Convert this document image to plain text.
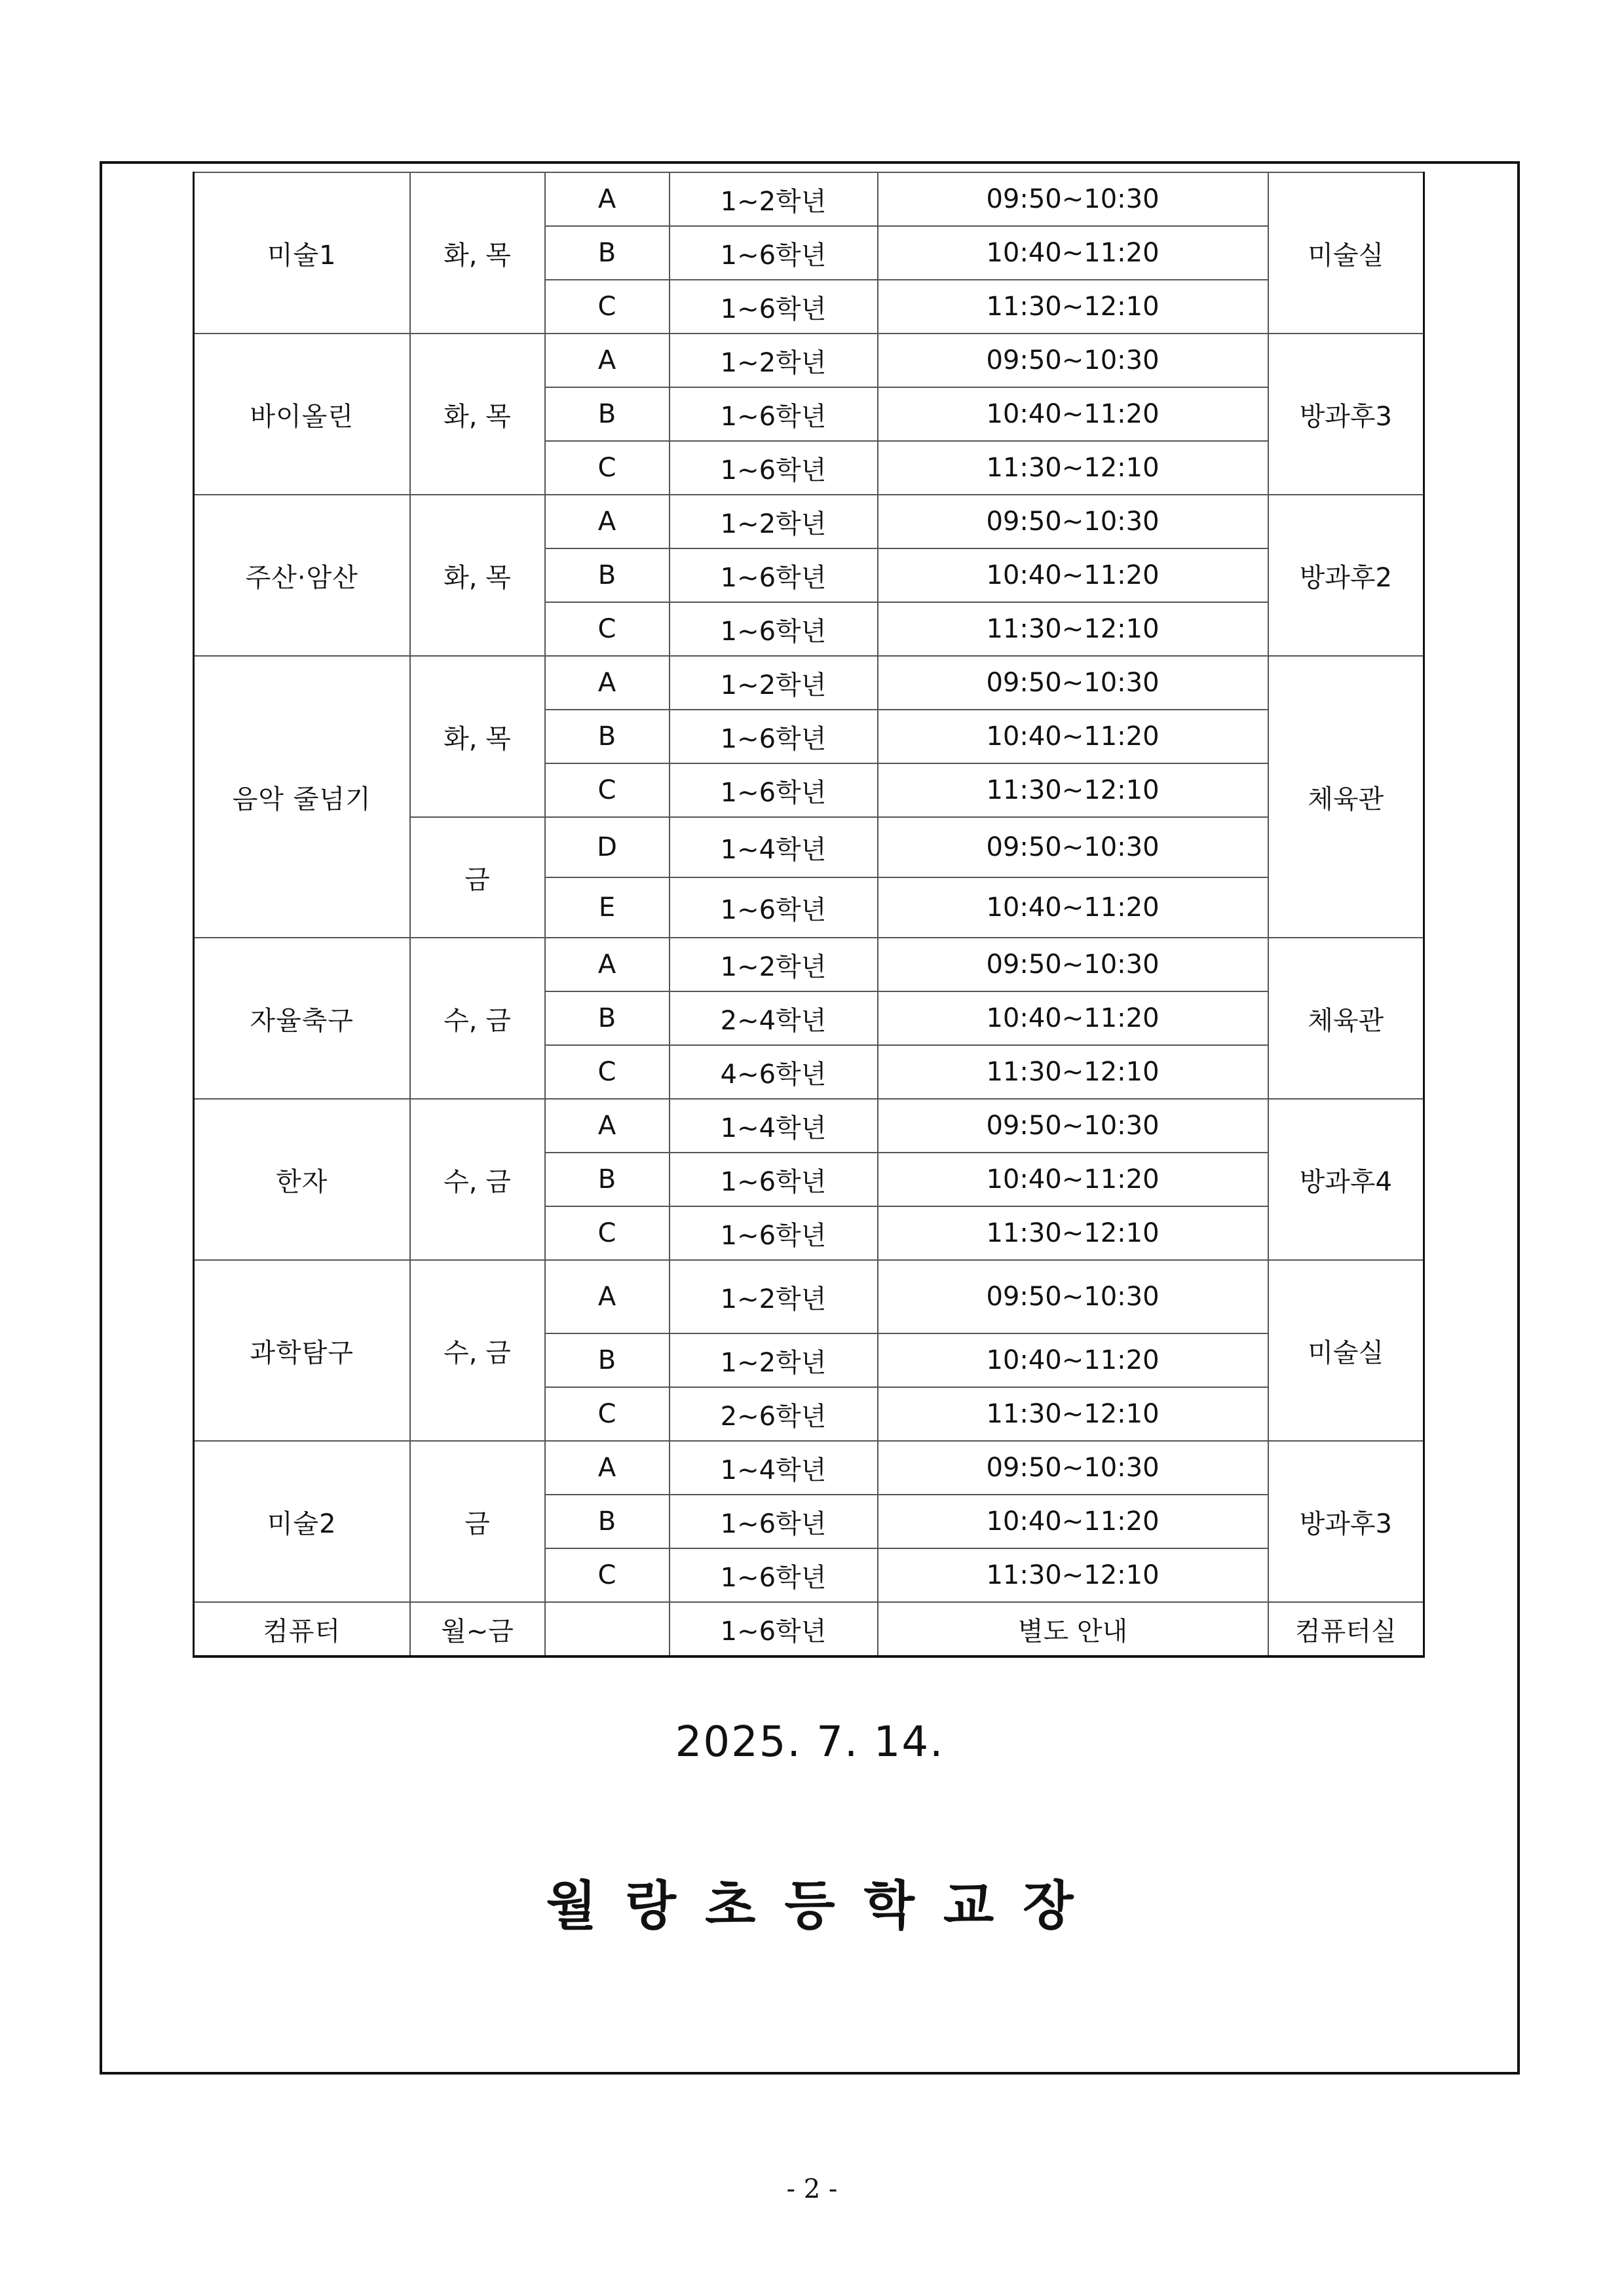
미술1	화, 목	A	1~2학년	09:50~10:30	미술실
		B	1~6학년	10:40~11:20	
		C	1~6학년	11:30~12:10	
바이올린	화, 목	A	1~2학년	09:50~10:30	방과후3
		B	1~6학년	10:40~11:20	
		C	1~6학년	11:30~12:10	
주산·암산	화, 목	A	1~2학년	09:50~10:30	방과후2
		B	1~6학년	10:40~11:20	
		C	1~6학년	11:30~12:10	
음악 줄넘기	화, 목	A	1~2학년	09:50~10:30	체육관
		B	1~6학년	10:40~11:20	
		C	1~6학년	11:30~12:10	
	금	D	1~4학년	09:50~10:30	
		E	1~6학년	10:40~11:20	
자율축구	수, 금	A	1~2학년	09:50~10:30	체육관
		B	2~4학년	10:40~11:20	
		C	4~6학년	11:30~12:10	
한자	수, 금	A	1~4학년	09:50~10:30	방과후4
		B	1~6학년	10:40~11:20	
		C	1~6학년	11:30~12:10	
과학탐구	수, 금	A	1~2학년	09:50~10:30	미술실
		B	1~2학년	10:40~11:20	
		C	2~6학년	11:30~12:10	
미술2	금	A	1~4학년	09:50~10:30	방과후3
		B	1~6학년	10:40~11:20	
		C	1~6학년	11:30~12:10	
컴퓨터	월~금		1~6학년	별도 안내	컴퓨터실
2025. 7. 14.
월랑초등학교장
- 2 -
